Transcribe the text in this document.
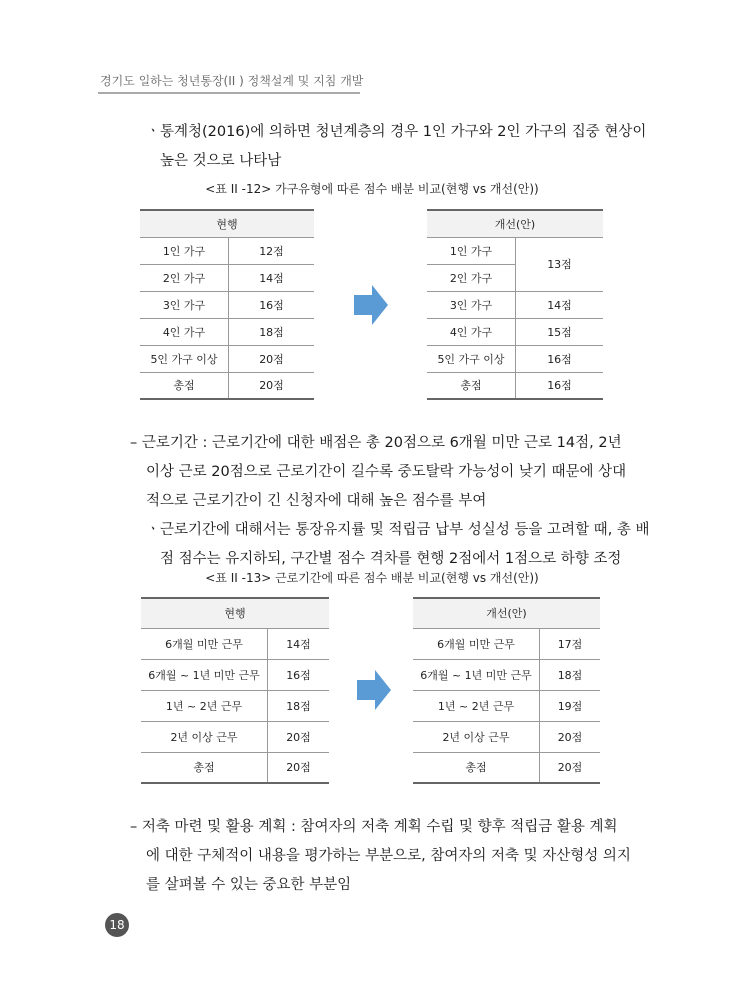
경기도 일하는 청년통장(II ) 정책설계 및 지침 개발
ㆍ통계청(2016)에 의하면 청년계층의 경우 1인 가구와 2인 가구의 집중 현상이
높은 것으로 나타남
<표 II -12> 가구유형에 따른 점수 배분 비교(현행 vs 개선(안))
현행	
1인 가구	12점
2인 가구	14점
3인 가구	16점
4인 가구	18점
5인 가구 이상	20점
총점	20점
개선(안)	
1인 가구	13점
2인 가구	
3인 가구	14점
4인 가구	15점
5인 가구 이상	16점
총점	16점
– 근로기간 : 근로기간에 대한 배점은 총 20점으로 6개월 미만 근로 14점, 2년
이상 근로 20점으로 근로기간이 길수록 중도탈락 가능성이 낮기 때문에 상대
적으로 근로기간이 긴 신청자에 대해 높은 점수를 부여
ㆍ근로기간에 대해서는 통장유지률 및 적립금 납부 성실성 등을 고려할 때, 총 배
점 점수는 유지하되, 구간별 점수 격차를 현행 2점에서 1점으로 하향 조정
<표 II -13> 근로기간에 따른 점수 배분 비교(현행 vs 개선(안))
현행	
6개월 미만 근무	14점
6개월 ~ 1년 미만 근무	16점
1년 ~ 2년 근무	18점
2년 이상 근무	20점
총점	20점
개선(안)	
6개월 미만 근무	17점
6개월 ~ 1년 미만 근무	18점
1년 ~ 2년 근무	19점
2년 이상 근무	20점
총점	20점
– 저축 마련 및 활용 계획 : 참여자의 저축 계획 수립 및 향후 적립금 활용 계획
에 대한 구체적이 내용을 평가하는 부분으로, 참여자의 저축 및 자산형성 의지
를 살펴볼 수 있는 중요한 부분임
18
